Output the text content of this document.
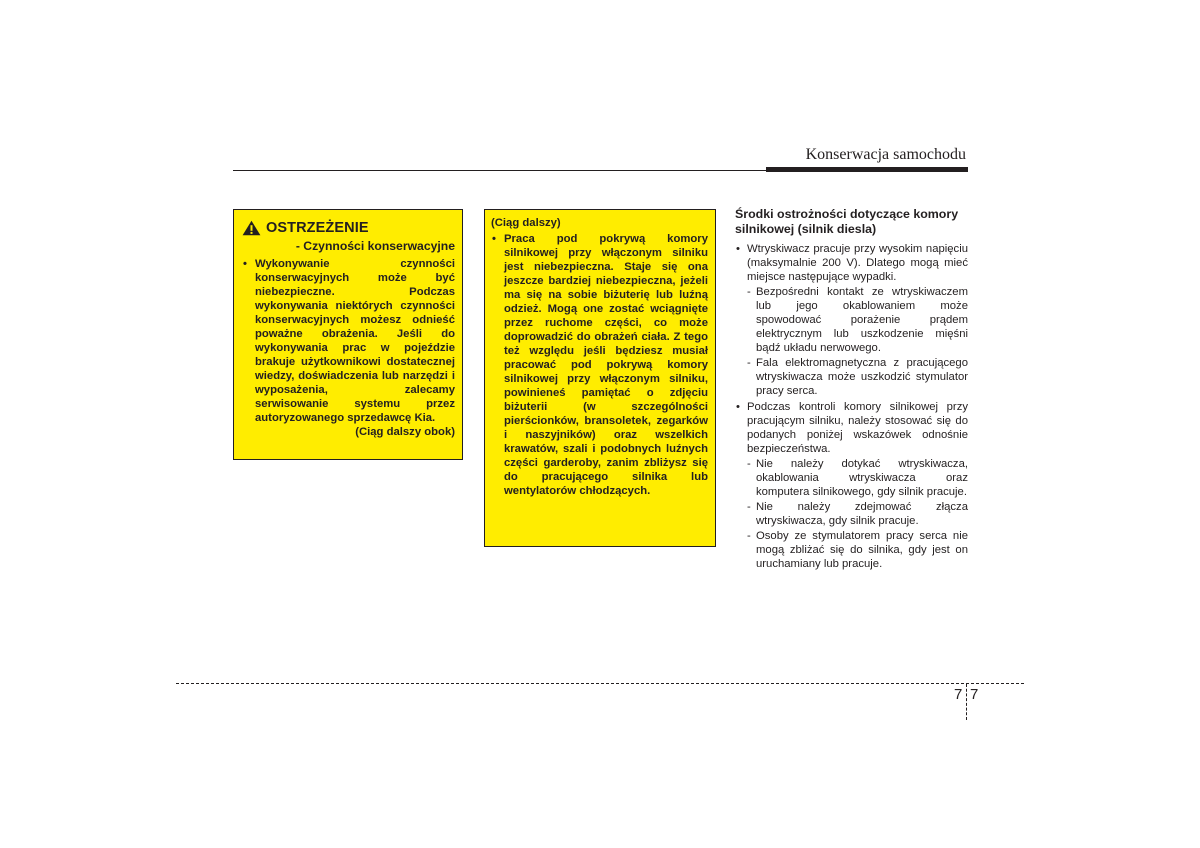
Konserwacja samochodu
OSTRZEŻENIE
- Czynności konserwacyjne
• Wykonywanie czynności konserwacyjnych może być niebezpieczne. Podczas wykonywania niektórych czynności konserwacyjnych możesz odnieść poważne obrażenia. Jeśli do wykonywania prac w pojeździe brakuje użytkownikowi dostatecznej wiedzy, doświadczenia lub narzędzi i wyposażenia, zalecamy serwisowanie systemu przez autoryzowanego sprzedawcę Kia.
(Ciąg dalszy obok)
(Ciąg dalszy)
• Praca pod pokrywą komory silnikowej przy włączonym silniku jest niebezpieczna. Staje się ona jeszcze bardziej niebezpieczna, jeżeli ma się na sobie biżuterię lub luźną odzież. Mogą one zostać wciągnięte przez ruchome części, co może doprowadzić do obrażeń ciała. Z tego też względu jeśli będziesz musiał pracować pod pokrywą komory silnikowej przy włączonym silniku, powinieneś pamiętać o zdjęciu biżuterii (w szczególności pierścionków, bransoletek, zegarków i naszyjników) oraz wszelkich krawatów, szali i podobnych luźnych części garderoby, zanim zbliżysz się do pracującego silnika lub wentylatorów chłodzących.
Środki ostrożności dotyczące komory silnikowej (silnik diesla)
• Wtryskiwacz pracuje przy wysokim napięciu (maksymalnie 200 V). Dlatego mogą mieć miejsce następujące wypadki.
- Bezpośredni kontakt ze wtryskiwaczem lub jego okablowaniem może spowodować porażenie prądem elektrycznym lub uszkodzenie mięśni bądź układu nerwowego.
- Fala elektromagnetyczna z pracującego wtryskiwacza może uszkodzić stymulator pracy serca.
• Podczas kontroli komory silnikowej przy pracującym silniku, należy stosować się do podanych poniżej wskazówek odnośnie bezpieczeństwa.
- Nie należy dotykać wtryskiwacza, okablowania wtryskiwacza oraz komputera silnikowego, gdy silnik pracuje.
- Nie należy zdejmować złącza wtryskiwacza, gdy silnik pracuje.
- Osoby ze stymulatorem pracy serca nie mogą zbliżać się do silnika, gdy jest on uruchamiany lub pracuje.
7 7
